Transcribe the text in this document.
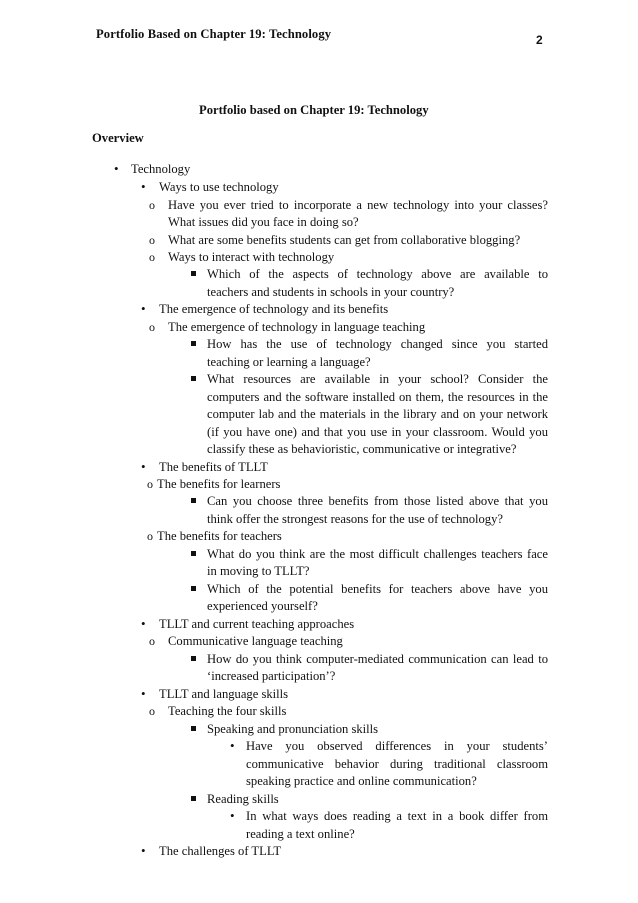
Portfolio Based on Chapter 19: Technology	2
Portfolio based on Chapter 19: Technology
Overview
• Technology
• Ways to use technology
o Have you ever tried to incorporate a new technology into your classes?
What issues did you face in doing so?
o What are some benefits students can get from collaborative blogging?
o Ways to interact with technology
Which of the aspects of technology above are available to
teachers and students in schools in your country?
• The emergence of technology and its benefits
o The emergence of technology in language teaching
How has the use of technology changed since you started
teaching or learning a language?
What resources are available in your school? Consider the
computers and the software installed on them, the resources in the
computer lab and the materials in the library and on your network
(if you have one) and that you use in your classroom. Would you
classify these as behavioristic, communicative or integrative?
• The benefits of TLLT
o The benefits for learners
Can you choose three benefits from those listed above that you
think offer the strongest reasons for the use of technology?
o The benefits for teachers
What do you think are the most difficult challenges teachers face
in moving to TLLT?
Which of the potential benefits for teachers above have you
experienced yourself?
• TLLT and current teaching approaches
o Communicative language teaching
How do you think computer-mediated communication can lead to
‘increased participation’?
• TLLT and language skills
o Teaching the four skills
Speaking and pronunciation skills
• Have you observed differences in your students’
communicative behavior during traditional classroom
speaking practice and online communication?
Reading skills
• In what ways does reading a text in a book differ from
reading a text online?
• The challenges of TLLT
